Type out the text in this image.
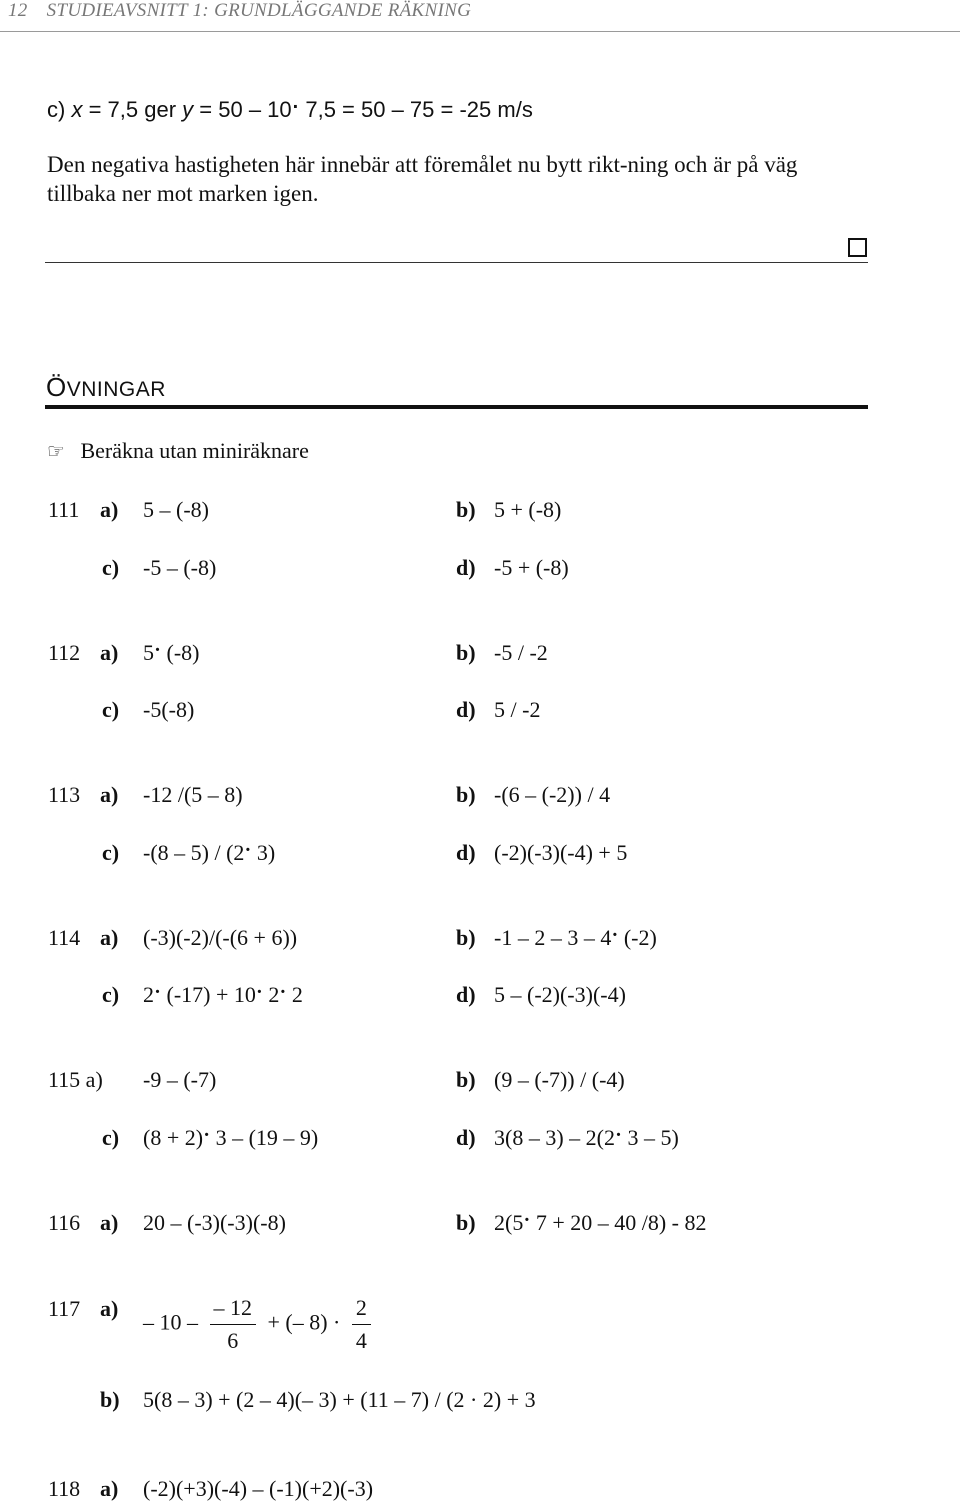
12 STUDIEAVSNITT 1: GRUNDLÄGGANDE RÄKNING
c) x = 7,5 ger y = 50 – 10. 7,5 = 50 – 75 = -25 m/s
Den negativa hastigheten här innebär att föremålet nu bytt rikt-ning och är på väg tillbaka ner mot marken igen.
ÖVNINGAR
☞ Beräkna utan miniräknare
111 a) 5 – (-8)	b) 5 + (-8)
c) -5 – (-8)	d) -5 + (-8)
112 a) 5. (-8)	b) -5 / -2
c) -5(-8)	d) 5 / -2
113 a) -12 /(5 – 8)	b) -(6 – (-2)) / 4
c) -(8 – 5) / (2. 3)	d) (-2)(-3)(-4) + 5
114 a) (-3)(-2)/(-(6 + 6))	b) -1 – 2 – 3 – 4. (-2)
c) 2. (-17) + 10. 2. 2	d) 5 – (-2)(-3)(-4)
115 a) -9 – (-7)	b) (9 – (-7)) / (-4)
c) (8 + 2). 3 – (19 – 9)	d) 3(8 – 3) – 2(2. 3 – 5)
116 a) 20 – (-3)(-3)(-8)	b) 2(5. 7 + 20 – 40 /8) - 82
117 a)
– $10 - \frac{- 12}{6}$ + (– $8) \cdot \frac{2}{4}$
b) 5(8 – 3) + (2 – 4)(– 3) + (11 – 7) / (2 · 2) + 3
118 a) (-2)(+3)(-4) – (-1)(+2)(-3)
